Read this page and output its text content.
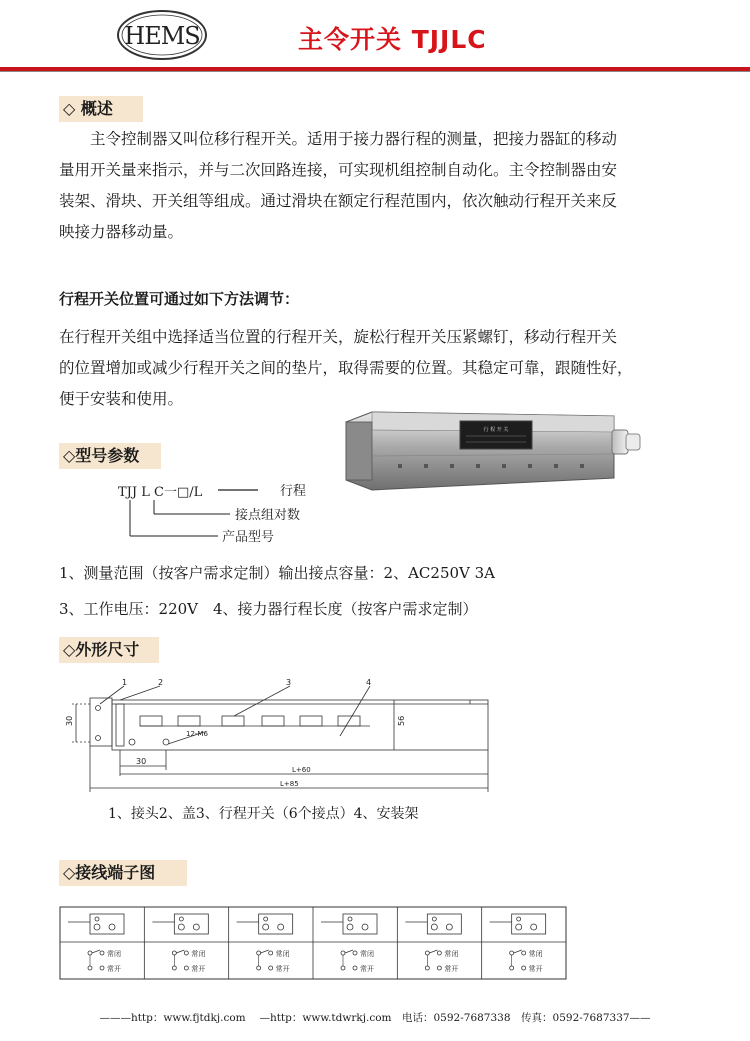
HEMS	主令开关 TJJLC
◇ 概述
主令控制器又叫位移行程开关。适用于接力器行程的测量，把接力器缸的移动
量用开关量来指示，并与二次回路连接，可实现机组控制自动化。主令控制器由安
装架、滑块、开关组等组成。通过滑块在额定行程范围内，依次触动行程开关来反
映接力器移动量。
行程开关位置可通过如下方法调节：
在行程开关组中选择适当位置的行程开关，旋松行程开关压紧螺钉，移动行程开关
的位置增加或减少行程开关之间的垫片，取得需要的位置。其稳定可靠，跟随性好，
便于安装和使用。
行 程 开 关
◇型号参数
TJJ L C一□/L	行程
接点组对数
产品型号
1、测量范围（按客户需求定制）输出接点容量：2、AC250V 3A
3、工作电压：220V　4、接力器行程长度（按客户需求定制）
◇外形尺寸
1	2	3	4
30	56
12-M6
30
L+60
L+85
1、接头2、盖3、行程开关（6个接点）4、安装架
◇接线端子图
常闭
常开
常闭
常开
常闭
常开
常闭
常开
常闭
常开
常闭
常开
———http：www.fjtdkj.com　 —http：www.tdwrkj.com　电话：0592-7687338　传真：0592-7687337——
